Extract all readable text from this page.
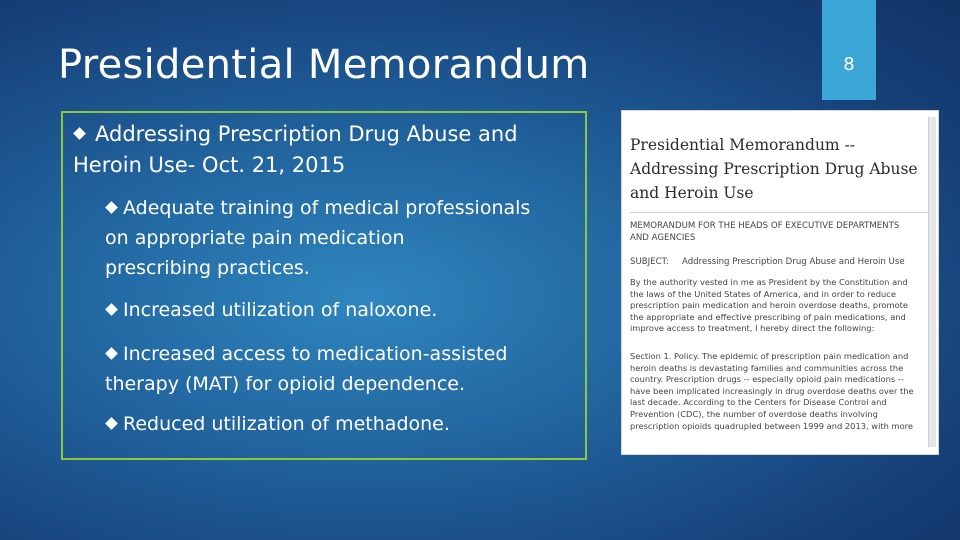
Presidential Memorandum	8
Addressing Prescription Drug Abuse and
Heroin Use- Oct. 21, 2015
Adequate training of medical professionals
on appropriate pain medication
prescribing practices.
Increased utilization of naloxone.
Increased access to medication-assisted
therapy (MAT) for opioid dependence.
Reduced utilization of methadone.
Presidential Memorandum --
Addressing Prescription Drug Abuse
and Heroin Use
MEMORANDUM FOR THE HEADS OF EXECUTIVE DEPARTMENTS
AND AGENCIES
SUBJECT: Addressing Prescription Drug Abuse and Heroin Use
By the authority vested in me as President by the Constitution and
the laws of the United States of America, and in order to reduce
prescription pain medication and heroin overdose deaths, promote
the appropriate and effective prescribing of pain medications, and
improve access to treatment, I hereby direct the following:
Section 1. Policy. The epidemic of prescription pain medication and
heroin deaths is devastating families and communities across the
country. Prescription drugs -- especially opioid pain medications --
have been implicated increasingly in drug overdose deaths over the
last decade. According to the Centers for Disease Control and
Prevention (CDC), the number of overdose deaths involving
prescription opioids quadrupled between 1999 and 2013, with more
